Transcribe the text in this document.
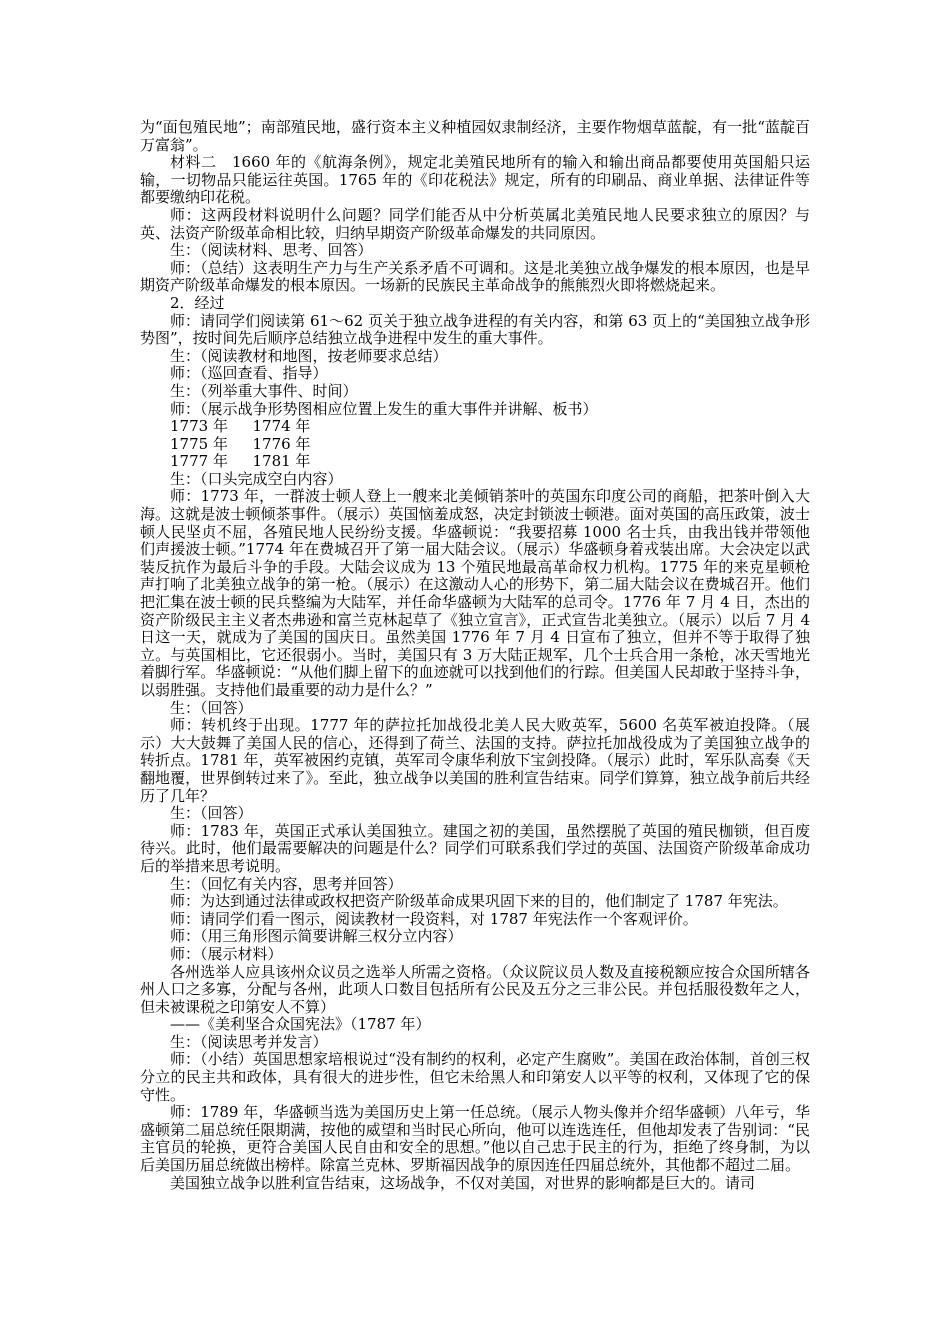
为“面包殖民地”；南部殖民地，盛行资本主义种植园奴隶制经济，主要作物烟草蓝靛，有一批“蓝靛百万富翁”。

材料二　1660 年的《航海条例》，规定北美殖民地所有的输入和输出商品都要使用英国船只运输，一切物品只能运往英国。1765 年的《印花税法》规定，所有的印刷品、商业单据、法律证件等都要缴纳印花税。

师：这两段材料说明什么问题？同学们能否从中分析英属北美殖民地人民要求独立的原因？与英、法资产阶级革命相比较，归纳早期资产阶级革命爆发的共同原因。

生：（阅读材料、思考、回答）

师：（总结）这表明生产力与生产关系矛盾不可调和。这是北美独立战争爆发的根本原因，也是早期资产阶级革命爆发的根本原因。一场新的民族民主革命战争的熊熊烈火即将燃烧起来。

2．经过

师：请同学们阅读第 61～62 页关于独立战争进程的有关内容，和第 63 页上的“美国独立战争形势图”，按时间先后顺序总结独立战争进程中发生的重大事件。

生：（阅读教材和地图，按老师要求总结）

师：（巡回查看、指导）

生：（列举重大事件、时间）

师：（展示战争形势图相应位置上发生的重大事件并讲解、板书）

1773 年　  1774 年

1775 年　  1776 年

1777 年　  1781 年

生：（口头完成空白内容）

师：1773 年，一群波士顿人登上一艘来北美倾销茶叶的英国东印度公司的商船，把茶叶倒入大海。这就是波士顿倾茶事件。（展示）英国恼羞成怒，决定封锁波士顿港。面对英国的高压政策，波士顿人民坚贞不屈，各殖民地人民纷纷支援。华盛顿说：“我要招募 1000 名士兵，由我出钱并带领他们声援波士顿。”1774 年在费城召开了第一届大陆会议。（展示）华盛顿身着戎装出席。大会决定以武装反抗作为最后斗争的手段。大陆会议成为 13 个殖民地最高革命权力机构。1775 年的来克星顿枪声打响了北美独立战争的第一枪。（展示）在这激动人心的形势下，第二届大陆会议在费城召开。他们把汇集在波士顿的民兵整编为大陆军，并任命华盛顿为大陆军的总司令。1776 年 7 月 4 日，杰出的资产阶级民主主义者杰弗逊和富兰克林起草了《独立宣言》，正式宣告北美独立。（展示）以后 7 月 4 日这一天，就成为了美国的国庆日。虽然美国 1776 年 7 月 4 日宣布了独立，但并不等于取得了独立。与英国相比，它还很弱小。当时，美国只有 3 万大陆正规军，几个士兵合用一条枪，冰天雪地光着脚行军。华盛顿说：“从他们脚上留下的血迹就可以找到他们的行踪。但美国人民却敢于坚持斗争，以弱胜强。支持他们最重要的动力是什么？”

生：（回答）

师：转机终于出现。1777 年的萨拉托加战役北美人民大败英军，5600 名英军被迫投降。（展示）大大鼓舞了美国人民的信心，还得到了荷兰、法国的支持。萨拉托加战役成为了美国独立战争的转折点。1781 年，英军被困约克镇，英军司令康华利放下宝剑投降。（展示）此时，军乐队高奏《天翻地覆，世界倒转过来了》。至此，独立战争以美国的胜利宣告结束。同学们算算，独立战争前后共经历了几年？

生：（回答）

师：1783 年，英国正式承认美国独立。建国之初的美国，虽然摆脱了英国的殖民枷锁，但百废待兴。此时，他们最需要解决的问题是什么？同学们可联系我们学过的英国、法国资产阶级革命成功后的举措来思考说明。

生：（回忆有关内容，思考并回答）

师：为达到通过法律或政权把资产阶级革命成果巩固下来的目的，他们制定了 1787 年宪法。

师：请同学们看一图示，阅读教材一段资料，对 1787 年宪法作一个客观评价。

师：（用三角形图示简要讲解三权分立内容）

师：（展示材料）

各州选举人应具该州众议员之选举人所需之资格。（众议院议员人数及直接税额应按合众国所辖各州人口之多寡，分配与各州，此项人口数目包括所有公民及五分之三非公民。并包括服役数年之人，但未被课税之印第安人不算）

——《美利坚合众国宪法》（1787 年）

生：（阅读思考并发言）

师：（小结）英国思想家培根说过“没有制约的权利，必定产生腐败”。美国在政治体制，首创三权分立的民主共和政体，具有很大的进步性，但它未给黑人和印第安人以平等的权利，又体现了它的保守性。

师：1789 年，华盛顿当选为美国历史上第一任总统。（展示人物头像并介绍华盛顿）八年亏，华盛顿第二届总统任限期满，按他的威望和当时民心所向，他可以连选连任，但他却发表了告别词：“民主官员的轮换，更符合美国人民自由和安全的思想。”他以自己忠于民主的行为，拒绝了终身制，为以后美国历届总统做出榜样。除富兰克林、罗斯福因战争的原因连任四届总统外，其他都不超过二届。

美国独立战争以胜利宣告结束，这场战争，不仅对美国，对世界的影响都是巨大的。请司
